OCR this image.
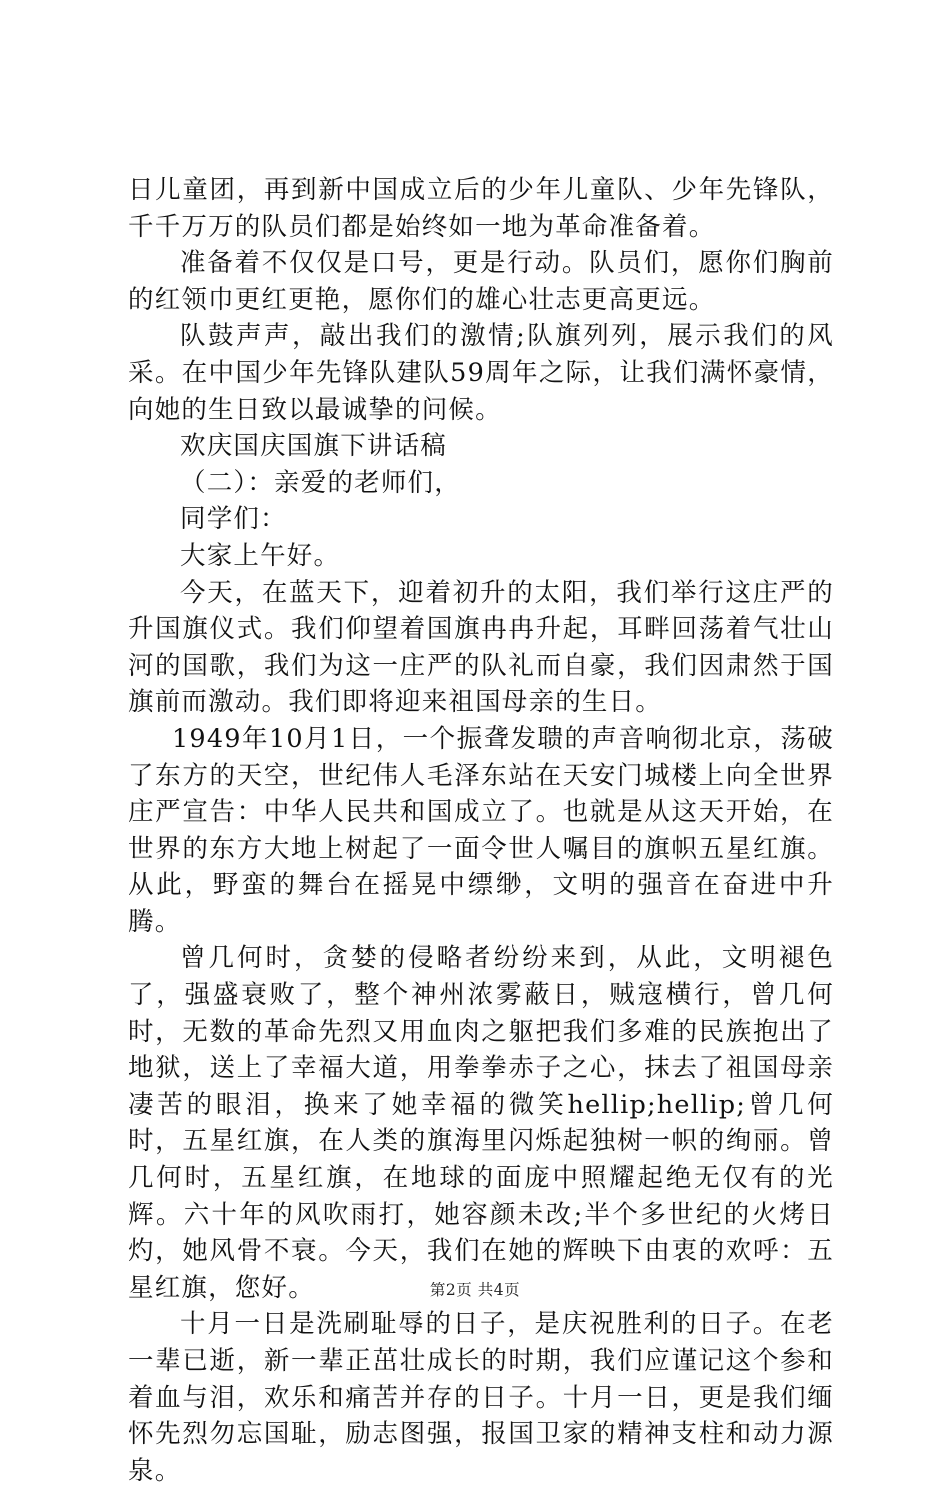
日儿童团，再到新中国成立后的少年儿童队、少年先锋队，千千万万的队员们都是始终如一地为革命准备着。

准备着不仅仅是口号，更是行动。队员们，愿你们胸前的红领巾更红更艳，愿你们的雄心壮志更高更远。

队鼓声声，敲出我们的激情;队旗列列，展示我们的风采。在中国少年先锋队建队59周年之际，让我们满怀豪情，向她的生日致以最诚挚的问候。

欢庆国庆国旗下讲话稿

（二）：亲爱的老师们，

同学们：

大家上午好。

今天，在蓝天下，迎着初升的太阳，我们举行这庄严的升国旗仪式。我们仰望着国旗冉冉升起，耳畔回荡着气壮山河的国歌，我们为这一庄严的队礼而自豪，我们因肃然于国旗前而激动。我们即将迎来祖国母亲的生日。

1949年10月1日，一个振聋发聩的声音响彻北京，荡破了东方的天空，世纪伟人毛泽东站在天安门城楼上向全世界庄严宣告：中华人民共和国成立了。也就是从这天开始，在世界的东方大地上树起了一面令世人嘱目的旗帜五星红旗。从此，野蛮的舞台在摇晃中缥缈，文明的强音在奋进中升腾。

曾几何时，贪婪的侵略者纷纷来到，从此，文明褪色了，强盛衰败了，整个神州浓雾蔽日，贼寇横行，曾几何时，无数的革命先烈又用血肉之躯把我们多难的民族抱出了地狱，送上了幸福大道，用拳拳赤子之心，抹去了祖国母亲凄苦的眼泪，换来了她幸福的微笑hellip;hellip;曾几何时，五星红旗，在人类的旗海里闪烁起独树一帜的绚丽。曾几何时，五星红旗，在地球的面庞中照耀起绝无仅有的光辉。六十年的风吹雨打，她容颜未改;半个多世纪的火烤日灼，她风骨不衰。今天，我们在她的辉映下由衷的欢呼：五星红旗，您好。

十月一日是洗刷耻辱的日子，是庆祝胜利的日子。在老一辈已逝，新一辈正茁壮成长的时期，我们应谨记这个参和着血与泪，欢乐和痛苦并存的日子。十月一日，更是我们缅怀先烈勿忘国耻，励志图强，报国卫家的精神支柱和动力源泉。

第2页 共4页
